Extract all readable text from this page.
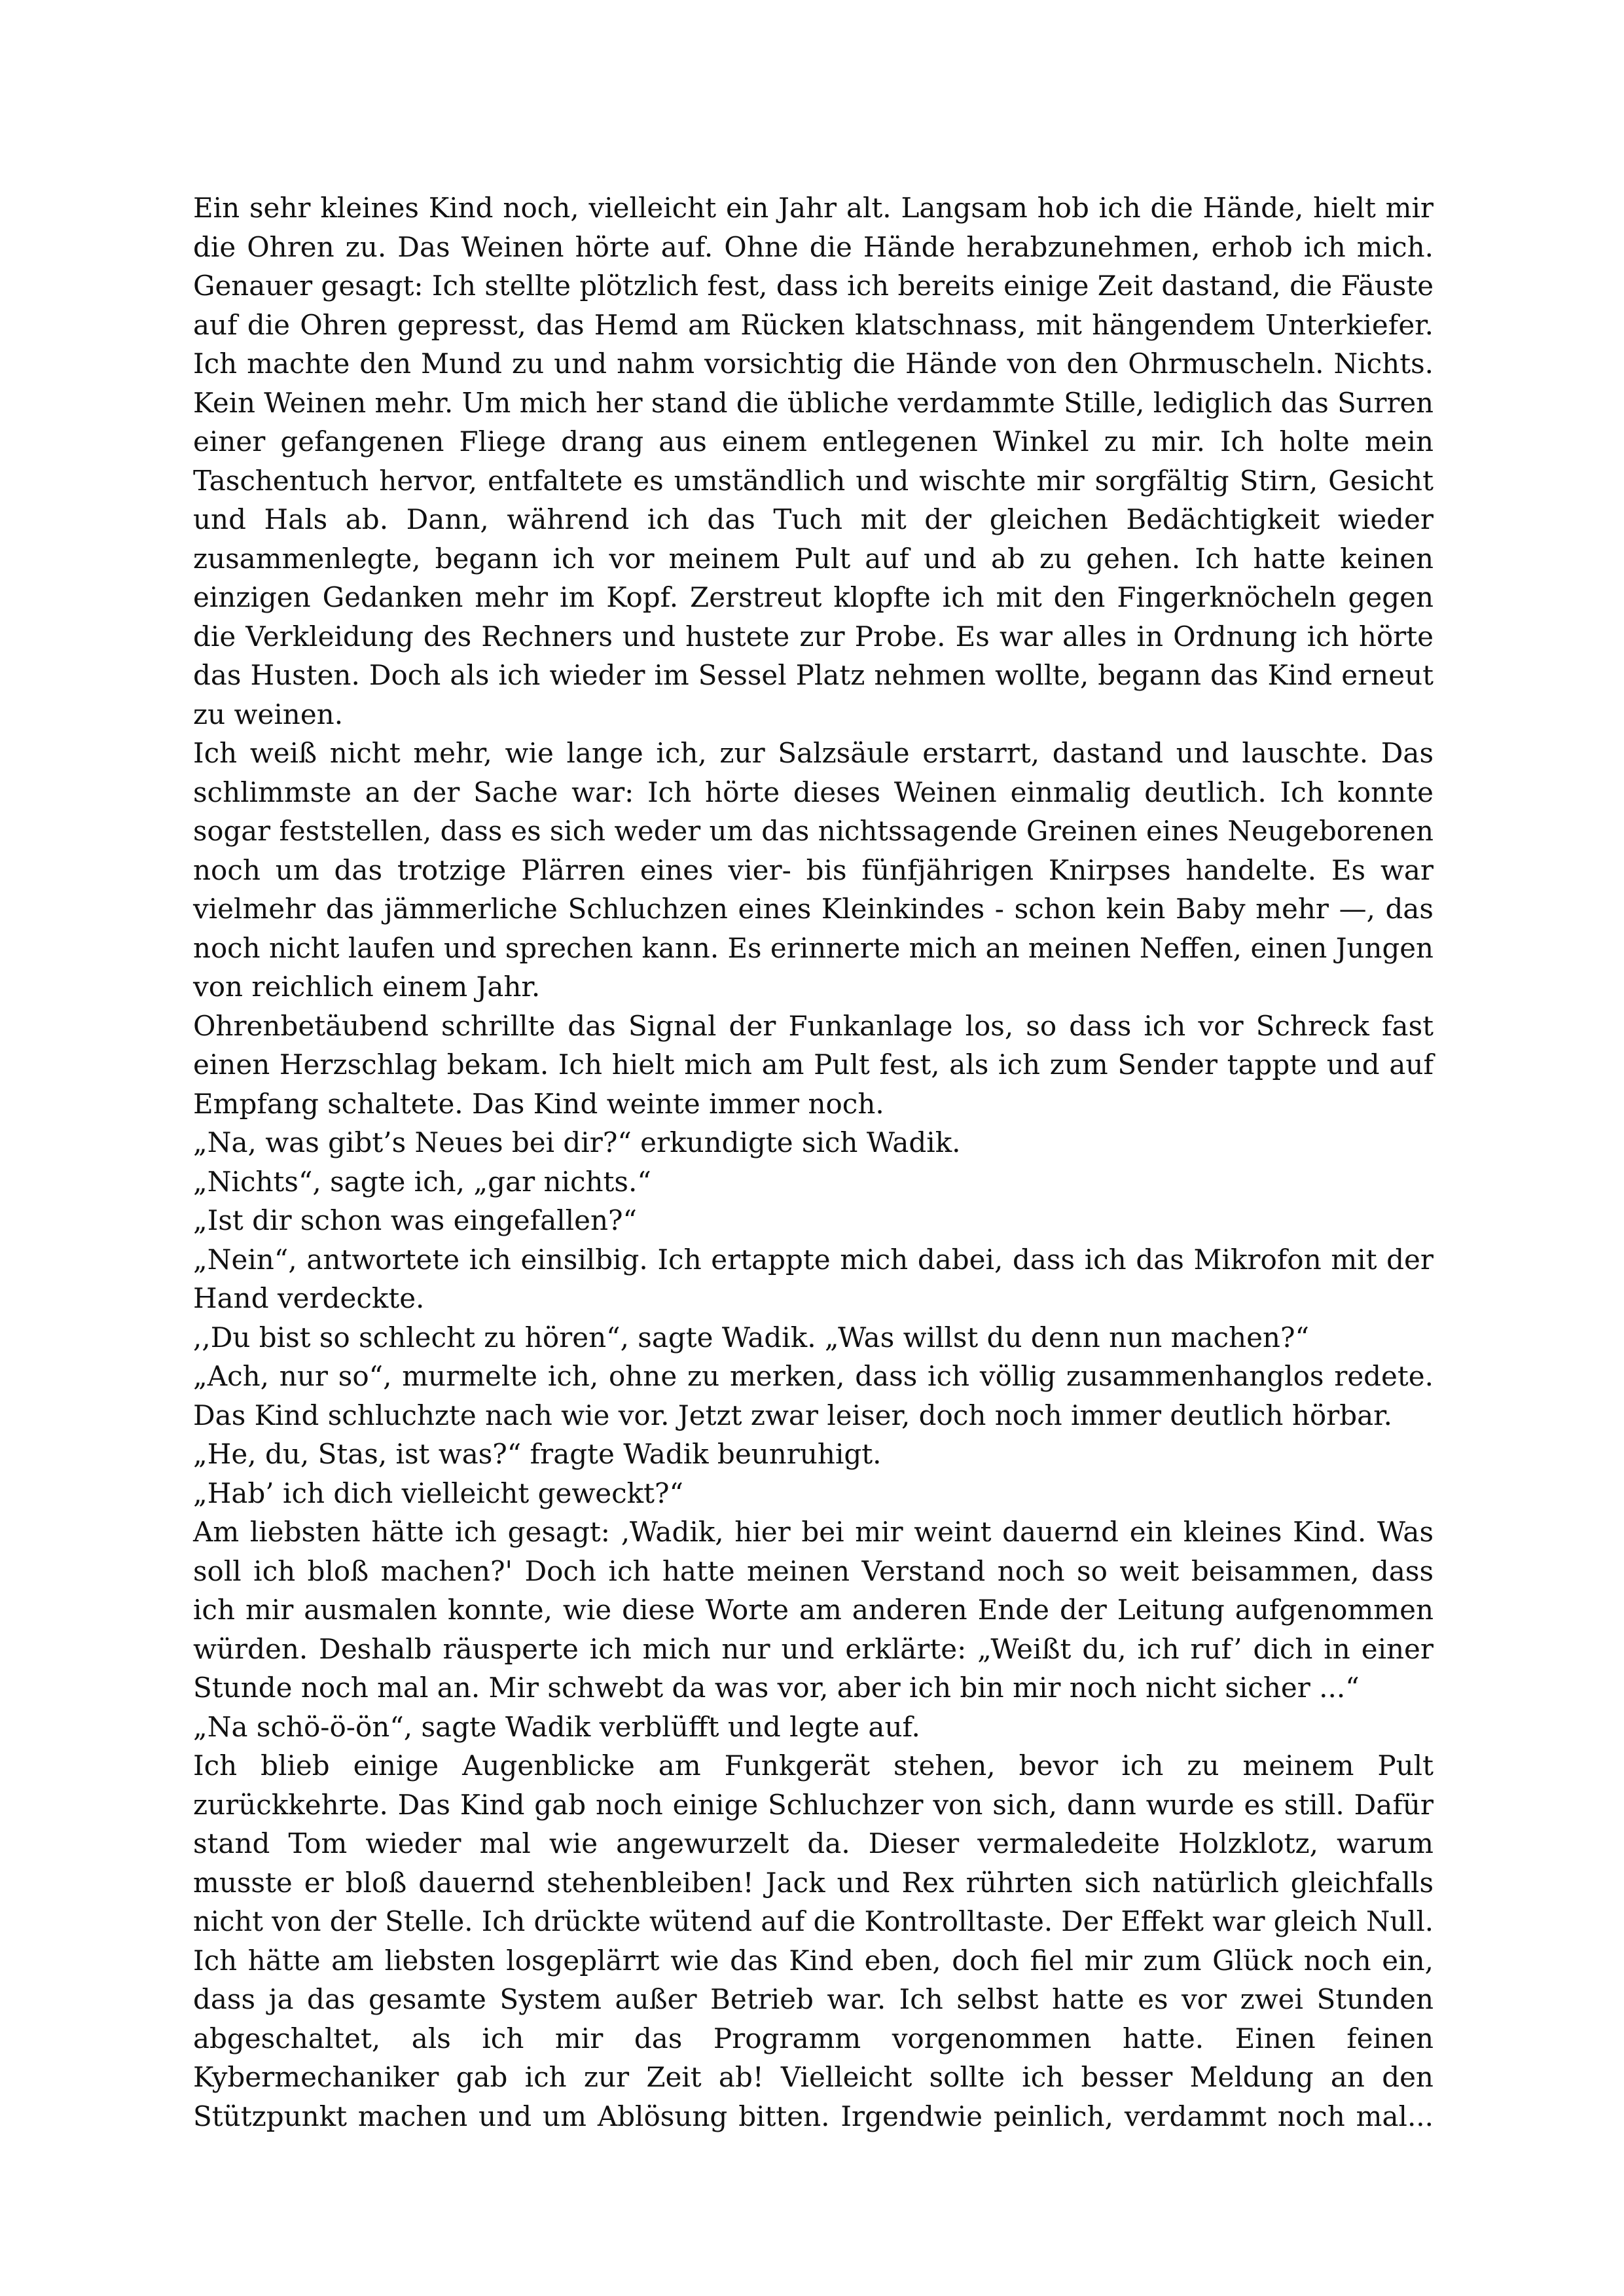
Ein sehr kleines Kind noch, vielleicht ein Jahr alt. Langsam hob ich die Hände, hielt mir
die Ohren zu. Das Weinen hörte auf. Ohne die Hände herabzunehmen, erhob ich mich.
Genauer gesagt: Ich stellte plötzlich fest, dass ich bereits einige Zeit dastand, die Fäuste
auf die Ohren gepresst, das Hemd am Rücken klatschnass, mit hängendem Unterkiefer.
Ich machte den Mund zu und nahm vorsichtig die Hände von den Ohrmuscheln. Nichts.
Kein Weinen mehr. Um mich her stand die übliche verdammte Stille, lediglich das Surren
einer gefangenen Fliege drang aus einem entlegenen Winkel zu mir. Ich holte mein
Taschentuch hervor, entfaltete es umständlich und wischte mir sorgfältig Stirn, Gesicht
und Hals ab. Dann, während ich das Tuch mit der gleichen Bedächtigkeit wieder
zusammenlegte, begann ich vor meinem Pult auf und ab zu gehen. Ich hatte keinen
einzigen Gedanken mehr im Kopf. Zerstreut klopfte ich mit den Fingerknöcheln gegen
die Verkleidung des Rechners und hustete zur Probe. Es war alles in Ordnung ich hörte
das Husten. Doch als ich wieder im Sessel Platz nehmen wollte, begann das Kind erneut
zu weinen.
Ich weiß nicht mehr, wie lange ich, zur Salzsäule erstarrt, dastand und lauschte. Das
schlimmste an der Sache war: Ich hörte dieses Weinen einmalig deutlich. Ich konnte
sogar feststellen, dass es sich weder um das nichtssagende Greinen eines Neugeborenen
noch um das trotzige Plärren eines vier- bis fünfjährigen Knirpses handelte. Es war
vielmehr das jämmerliche Schluchzen eines Kleinkindes - schon kein Baby mehr —, das
noch nicht laufen und sprechen kann. Es erinnerte mich an meinen Neffen, einen Jungen
von reichlich einem Jahr.
Ohrenbetäubend schrillte das Signal der Funkanlage los, so dass ich vor Schreck fast
einen Herzschlag bekam. Ich hielt mich am Pult fest, als ich zum Sender tappte und auf
Empfang schaltete. Das Kind weinte immer noch.
„Na, was gibt’s Neues bei dir?“ erkundigte sich Wadik.
„Nichts“, sagte ich, „gar nichts.“
„Ist dir schon was eingefallen?“
„Nein“, antwortete ich einsilbig. Ich ertappte mich dabei, dass ich das Mikrofon mit der
Hand verdeckte.
,,Du bist so schlecht zu hören“, sagte Wadik. „Was willst du denn nun machen?“
„Ach, nur so“, murmelte ich, ohne zu merken, dass ich völlig zusammenhanglos redete.
Das Kind schluchzte nach wie vor. Jetzt zwar leiser, doch noch immer deutlich hörbar.
„He, du, Stas, ist was?“ fragte Wadik beunruhigt.
„Hab’ ich dich vielleicht geweckt?“
Am liebsten hätte ich gesagt: ‚Wadik, hier bei mir weint dauernd ein kleines Kind. Was
soll ich bloß machen?' Doch ich hatte meinen Verstand noch so weit beisammen, dass
ich mir ausmalen konnte, wie diese Worte am anderen Ende der Leitung aufgenommen
würden. Deshalb räusperte ich mich nur und erklärte: „Weißt du, ich ruf’ dich in einer
Stunde noch mal an. Mir schwebt da was vor, aber ich bin mir noch nicht sicher ...“
„Na schö-ö-ön“, sagte Wadik verblüfft und legte auf.
Ich blieb einige Augenblicke am Funkgerät stehen, bevor ich zu meinem Pult
zurückkehrte. Das Kind gab noch einige Schluchzer von sich, dann wurde es still. Dafür
stand Tom wieder mal wie angewurzelt da. Dieser vermaledeite Holzklotz, warum
musste er bloß dauernd stehenbleiben! Jack und Rex rührten sich natürlich gleichfalls
nicht von der Stelle. Ich drückte wütend auf die Kontrolltaste. Der Effekt war gleich Null.
Ich hätte am liebsten losgeplärrt wie das Kind eben, doch fiel mir zum Glück noch ein,
dass ja das gesamte System außer Betrieb war. Ich selbst hatte es vor zwei Stunden
abgeschaltet, als ich mir das Programm vorgenommen hatte. Einen feinen
Kybermechaniker gab ich zur Zeit ab! Vielleicht sollte ich besser Meldung an den
Stützpunkt machen und um Ablösung bitten. Irgendwie peinlich, verdammt noch mal...
